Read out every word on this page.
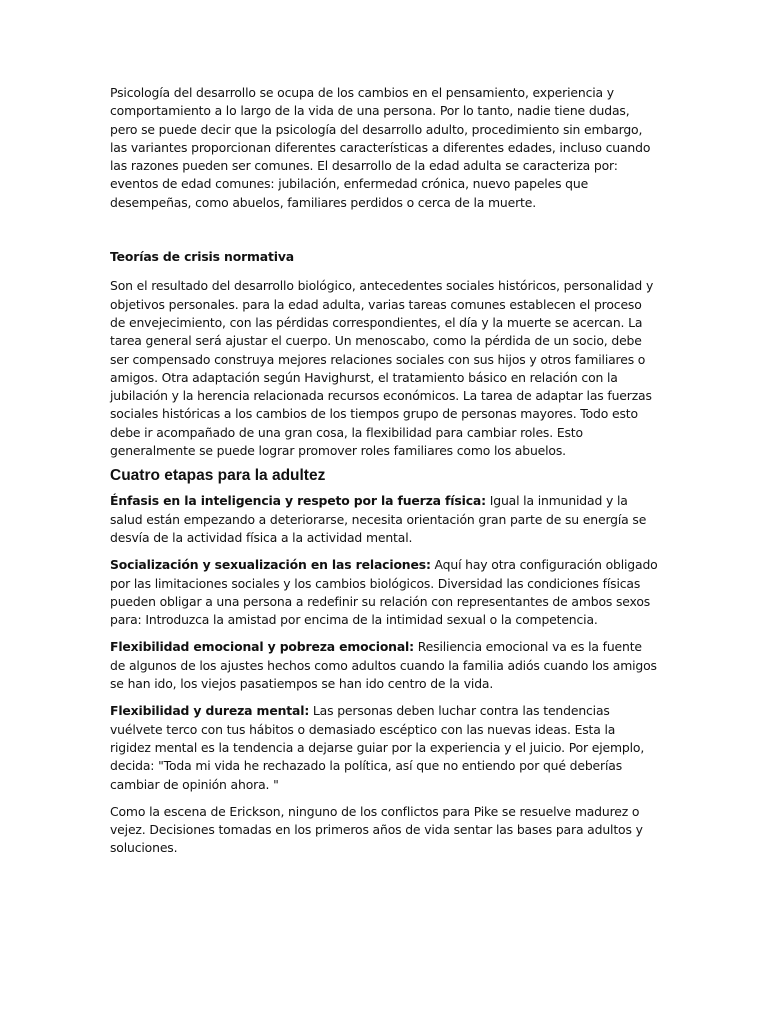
Psicología del desarrollo se ocupa de los cambios en el pensamiento, experiencia y comportamiento a lo largo de la vida de una persona. Por lo tanto, nadie tiene dudas, pero se puede decir que la psicología del desarrollo adulto, procedimiento sin embargo, las variantes proporcionan diferentes características a diferentes edades, incluso cuando las razones pueden ser comunes. El desarrollo de la edad adulta se caracteriza por: eventos de edad comunes: jubilación, enfermedad crónica, nuevo papeles que desempeñas, como abuelos, familiares perdidos o cerca de la muerte.

Teorías de crisis normativa

Son el resultado del desarrollo biológico, antecedentes sociales históricos, personalidad y objetivos personales. para la edad adulta, varias tareas comunes establecen el proceso de envejecimiento, con las pérdidas correspondientes, el día y la muerte se acercan. La tarea general será ajustar el cuerpo. Un menoscabo, como la pérdida de un socio, debe ser compensado construya mejores relaciones sociales con sus hijos y otros familiares o amigos. Otra adaptación según Havighurst, el tratamiento básico en relación con la jubilación y la herencia relacionada recursos económicos. La tarea de adaptar las fuerzas sociales históricas a los cambios de los tiempos grupo de personas mayores. Todo esto debe ir acompañado de una gran cosa, la flexibilidad para cambiar roles. Esto generalmente se puede lograr promover roles familiares como los abuelos.

Cuatro etapas para la adultez

Énfasis en la inteligencia y respeto por la fuerza física: Igual la inmunidad y la salud están empezando a deteriorarse, necesita orientación gran parte de su energía se desvía de la actividad física a la actividad mental.

Socialización y sexualización en las relaciones: Aquí hay otra configuración obligado por las limitaciones sociales y los cambios biológicos. Diversidad las condiciones físicas pueden obligar a una persona a redefinir su relación con representantes de ambos sexos para: Introduzca la amistad por encima de la intimidad sexual o la competencia.

Flexibilidad emocional y pobreza emocional: Resiliencia emocional va es la fuente de algunos de los ajustes hechos como adultos cuando la familia adiós cuando los amigos se han ido, los viejos pasatiempos se han ido centro de la vida.

Flexibilidad y dureza mental: Las personas deben luchar contra las tendencias vuélvete terco con tus hábitos o demasiado escéptico con las nuevas ideas. Esta la rigidez mental es la tendencia a dejarse guiar por la experiencia y el juicio. Por ejemplo, decida: "Toda mi vida he rechazado la política, así que no entiendo por qué deberías cambiar de opinión ahora. "

Como la escena de Erickson, ninguno de los conflictos para Pike se resuelve madurez o vejez. Decisiones tomadas en los primeros años de vida sentar las bases para adultos y soluciones.
